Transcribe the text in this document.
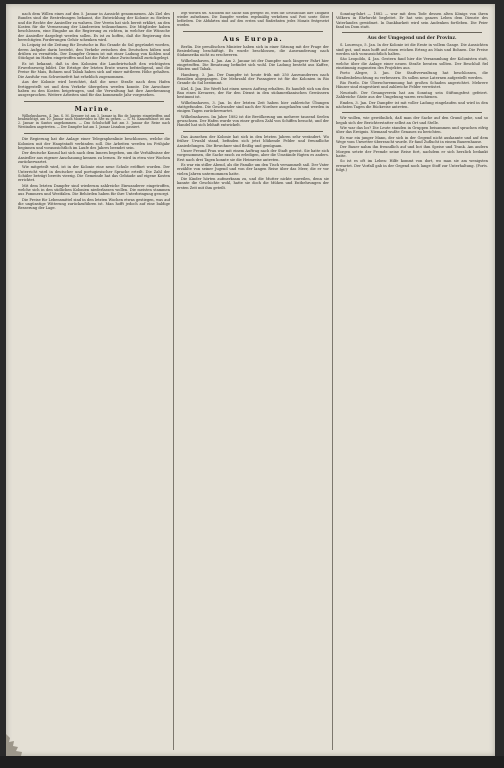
nach dem Willen eines auf den 5. Januar in Aussicht genommenen. Als Ziel des Bundes sind die Bestrebungen bekannt, die Entwicklung der Kolonie zu fördern und die Rechte der Ansiedler zu wahren. Der Verein hat sich bereit erklärt, an den Kosten für die Vermessung der Ländereien teilzunehmen. Die Mitglieder haben beschlossen, eine Eingabe an die Regierung zu richten, in welcher die Wünsche der Ansiedler dargelegt werden sollen. Es ist zu hoffen, daß die Regierung den berechtigten Forderungen Gehör schenken wird.

In Leipzig ist die Zeitung für Deutsche in Rio Grande do Sul gegründet worden, deren Aufgabe darin besteht, den Verkehr zwischen den Deutschen hüben und drüben zu vermitteln. Der Dampfer Grimm ist mit einer Ladung von Kohlen und Stückgut im Hafen eingetroffen und hat die Fahrt ohne Zwischenfall zurückgelegt.

Es ist bekannt, daß in den Kolonien die Landwirtschaft den wichtigsten Erwerbszweig bildet. Die Erträge der letzten Ernte waren befriedigend, und die Preise für Mais, Bohnen und Tabak haben sich auf einer mittleren Höhe gehalten. Die Ausfuhr von Schweinefett hat erheblich zugenommen.

Aus der Kolonie wird berichtet, daß die neue Straße nach dem Hafen fertiggestellt sei und dem Verkehr übergeben werden konnte. Die Anwohner haben zu den Kosten beigetragen, und die Verwaltung hat ihre Anerkennung ausgesprochen. Weitere Arbeiten sind für das kommende Jahr vorgesehen.

Marine.

Wilhelmshaven, 4. Jan. S. M. Kreuzer ist am 3. Januar in Rio de Janeiro eingetroffen und beabsichtigt, am 10. Januar nach Montevideo in See zu gehen. — S. M. Kanonenboot ist am 2. Januar in Santos angekommen. — Das Schulschiff hat am 3. Januar die Reise nach Westindien angetreten. — Der Dampfer hat am 1. Januar Lissabon passiert.

Die Regierung hat die Anlage einer Telegraphenlinie beschlossen, welche die Kolonien mit der Hauptstadt verbinden soll. Die Arbeiten werden im Frühjahr beginnen und voraussichtlich im Laufe des Jahres beendet sein.

Der deutsche Konsul hat sich nach dem Innern begeben, um die Verhältnisse der Ansiedler aus eigener Anschauung kennen zu lernen. Er wird in etwa vier Wochen zurückerwartet.

Wie mitgeteilt wird, ist in der Kolonie eine neue Schule eröffnet worden. Der Unterricht wird in deutscher und portugiesischer Sprache erteilt. Die Zahl der Schüler beträgt bereits vierzig. Die Gemeinde hat das Gebäude auf eigene Kosten errichtet.

Mit dem letzten Dampfer sind wiederum zahlreiche Einwanderer eingetroffen, welche sich in den südlichen Kolonien niederlassen wollen. Die meisten stammen aus Pommern und Westfalen. Die Behörden haben für ihre Unterbringung gesorgt.

Die Preise für Lebensmittel sind in den letzten Wochen etwas gestiegen, was auf die ungünstige Witterung zurückzuführen ist. Man hofft jedoch auf eine baldige Besserung der Lage.

legt worden sei. Nachdem die Sache nun geregelt ist, wird die Gesellschaft ihre Tätigkeit wieder aufnehmen. Die Dampfer werden regelmäßig verkehren und Post sowie Güter befördern. Die Abfahrten sind auf den ersten und fünfzehnten jedes Monats festgesetzt worden.

Aus Europa.

Berlin. Die preußischen Minister haben sich in einer Sitzung mit der Frage der Besiedelung beschäftigt. Es wurde beschlossen, die Auswanderung nach Südamerika nicht zu erschweren.

Wilhelmshaven, 4. Jan. Am 2. Januar ist der Dampfer nach längerer Fahrt hier eingetroffen. Die Besatzung befindet sich wohl. Die Ladung besteht aus Kaffee, Häuten und Tabak.

Hamburg, 3. Jan. Der Dampfer ist heute früh mit 250 Auswanderern nach Brasilien abgegangen. Die Mehrzahl der Passagiere ist für die Kolonien in Rio Grande do Sul bestimmt.

Kiel, 4. Jan. Die Werft hat einen neuen Auftrag erhalten. Es handelt sich um den Bau eines Kreuzers, der für den Dienst in den südamerikanischen Gewässern bestimmt ist.

Wilhelmshaven, 3. Jan. In der letzten Zeit haben hier zahlreiche Übungen stattgefunden. Die Geschwader sind nach der Nordsee ausgelaufen und werden in einigen Tagen zurückerwartet.

Wilhelmshaven. Im Jahre 1882 ist die Bevölkerung um mehrere tausend Seelen gewachsen. Der Hafen wurde von einer großen Zahl von Schiffen besucht, und der Handel hat sich lebhaft entwickelt.

Das Aussehen der Kolonie hat sich in den letzten Jahren sehr verändert. Wo früher Urwald stand, befinden sich jetzt blühende Felder und freundliche Ansiedelungen. Die Bewohner sind fleißig und genügsam.

Unser Freund Frau war mit einem Auftrag nach der Stadt gereist. Sie hatte sich vorgenommen, die Sache rasch zu erledigen, aber die Umstände fügten es anders. Erst nach drei Tagen konnte sie die Heimreise antreten.

Es war ein stiller Abend, als die Familie um den Tisch versammelt saß. Der Vater erzählte von seiner Jugend und von der langen Reise über das Meer, die er vor vielen Jahren unternommen hatte.

Die Kinder hörten aufmerksam zu, und die Mutter nickte zuweilen, denn sie kannte die Geschichte wohl, hatte sie doch die Mühen und Entbehrungen der ersten Zeit mit ihm geteilt.

Sonntag-fahrt — 1882 — war mit dem Tode dessen alten Königs von ihren Völkern in Ehrfurcht begleitet. Er hat sein ganzes Leben dem Dienste des Vaterlandes gewidmet. In Dankbarkeit wird sein Andenken fortleben. Die Feier fand im Dom statt.

Aus der Umgegend und der Provinz.

S. Lourenço, 5. Jan. In der Kolonie ist die Ernte in vollem Gange. Die Aussichten sind gut, und man hofft auf einen reichen Ertrag an Mais und Bohnen. Die Preise werden sich voraussichtlich halten.

São Leopoldo, 4. Jan. Gestern fand hier die Versammlung der Kolonisten statt, welche über die Anlage einer neuen Straße beraten sollten. Der Beschluß fiel einstimmig zugunsten des Projektes aus.

Porto Alegre, 3. Jan. Die Stadtverwaltung hat beschlossen, die Straßenbeleuchtung zu verbessern. Es sollen neue Laternen aufgestellt werden.

Rio Pardo. Die Überschwemmung hat großen Schaden angerichtet. Mehrere Häuser sind eingestürzt und zahlreiche Felder verwüstet.

Neustadt. Der Gesangverein hat am Sonntag sein Stiftungsfest gefeiert. Zahlreiche Gäste aus der Umgebung waren erschienen.

Emden, 3. Jan. Der Dampfer ist mit voller Ladung eingelaufen und wird in den nächsten Tagen die Rückreise antreten.

Wir wollen, wie gewöhnlich, daß man der Sache auf den Grund gehe, und so begab sich der Berichterstatter selbst an Ort und Stelle.

Wie war das los? Die Leute standen in Gruppen beisammen und sprachen eifrig über das Ereignis. Niemand wußte Genaues zu berichten.

Es war ein junger Mann, der sich in der Gegend nicht auskannte und auf dem Wege vom Unwetter überrascht wurde. Er fand Zuflucht in einem Bauernhause.

Der Bauer nahm ihn freundlich auf und bot ihm Speise und Trank. Am andern Morgen setzte der Fremde seine Reise fort, nachdem er sich herzlich bedankt hatte.

So ist es oft im Leben: Hilfe kommt von dort, wo man sie am wenigsten erwartet. Der Vorfall gab in der Gegend noch lange Stoff zur Unterhaltung. (Forts. folgt.)
